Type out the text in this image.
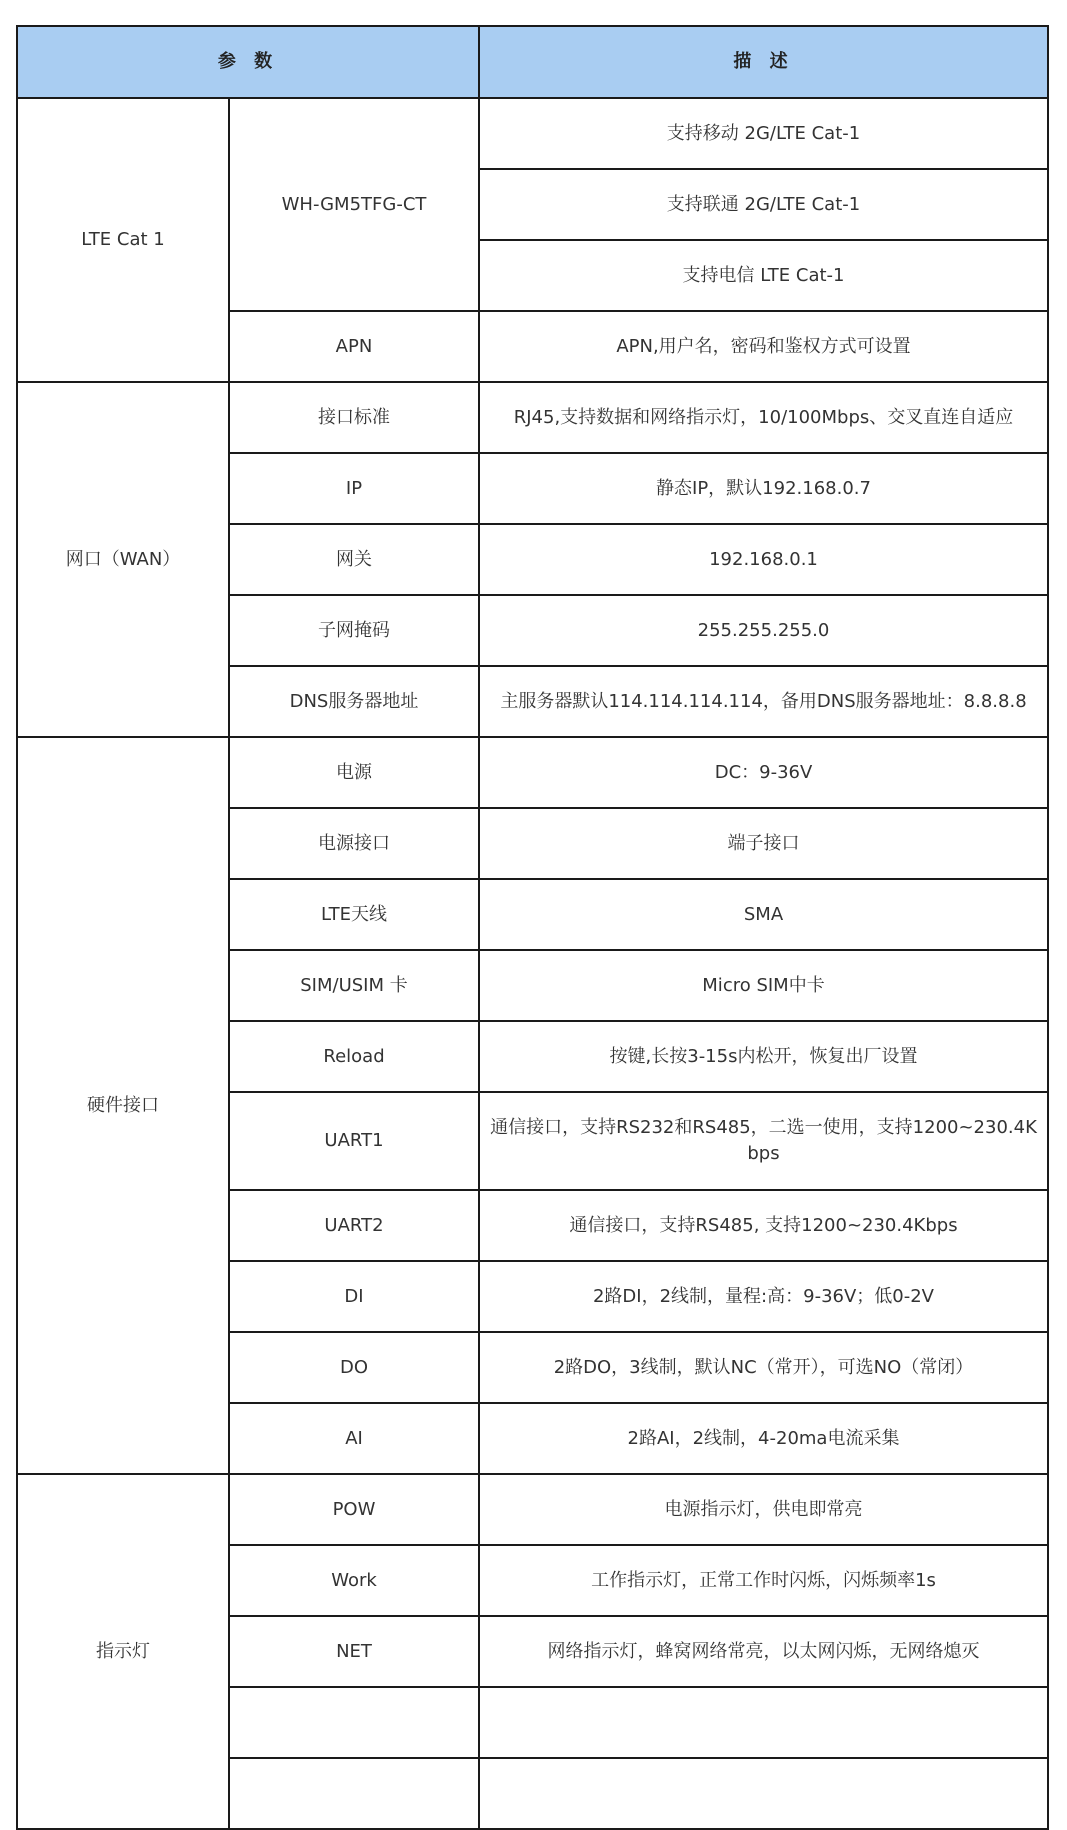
参 数		描 述
LTE Cat 1	WH-GM5TFG-CT	支持移动 2G/LTE Cat-1
		支持联通 2G/LTE Cat-1
		支持电信 LTE Cat-1
	APN	APN,用户名，密码和鉴权方式可设置
网口（WAN）	接口标准	RJ45,支持数据和网络指示灯，10/100Mbps、交叉直连自适应
	IP	静态IP，默认192.168.0.7
	网关	192.168.0.1
	子网掩码	255.255.255.0
	DNS服务器地址	主服务器默认114.114.114.114，备用DNS服务器地址：8.8.8.8
硬件接口	电源	DC：9-36V
	电源接口	端子接口
	LTE天线	SMA
	SIM/USIM 卡	Micro SIM中卡
	Reload	按键,长按3-15s内松开，恢复出厂设置
	UART1	通信接口，支持RS232和RS485，二选一使用，支持1200~230.4Kbps
	UART2	通信接口，支持RS485, 支持1200~230.4Kbps
	DI	2路DI，2线制，量程:高：9-36V；低0-2V
	DO	2路DO，3线制，默认NC（常开），可选NO（常闭）
	AI	2路AI，2线制，4-20ma电流采集
指示灯	POW	电源指示灯，供电即常亮
	Work	工作指示灯，正常工作时闪烁，闪烁频率1s
	NET	网络指示灯，蜂窝网络常亮，以太网闪烁，无网络熄灭
